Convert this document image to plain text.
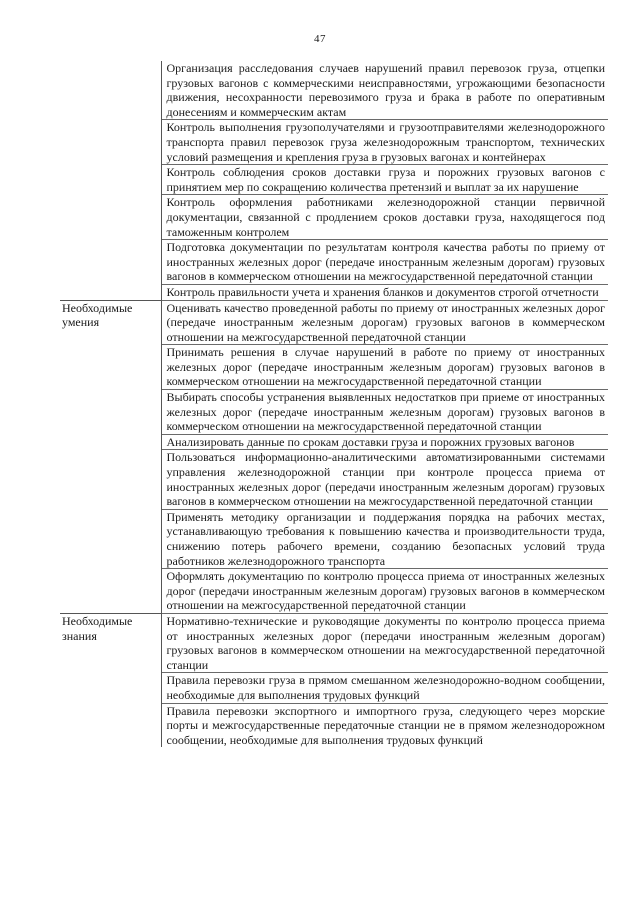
47
	Организация расследования случаев нарушений правил перевозок груза, отцепки грузовых вагонов с коммерческими неисправностями, угрожающими безопасности движения, несохранности перевозимого груза и брака в работе по оперативным донесениям и коммерческим актам
	Контроль выполнения грузополучателями и грузоотправителями железнодорожного транспорта правил перевозок груза железнодорожным транспортом, технических условий размещения и крепления груза в грузовых вагонах и контейнерах
	Контроль соблюдения сроков доставки груза и порожних грузовых вагонов с принятием мер по сокращению количества претензий и выплат за их нарушение
	Контроль оформления работниками железнодорожной станции первичной документации, связанной с продлением сроков доставки груза, находящегося под таможенным контролем
	Подготовка документации по результатам контроля качества работы по приему от иностранных железных дорог (передаче иностранным железным дорогам) грузовых вагонов в коммерческом отношении на межгосударственной передаточной станции
	Контроль правильности учета и хранения бланков и документов строгой отчетности
Необходимые умения	Оценивать качество проведенной работы по приему от иностранных железных дорог (передаче иностранным железным дорогам) грузовых вагонов в коммерческом отношении на межгосударственной передаточной станции
	Принимать решения в случае нарушений в работе по приему от иностранных железных дорог (передаче иностранным железным дорогам) грузовых вагонов в коммерческом отношении на межгосударственной передаточной станции
	Выбирать способы устранения выявленных недостатков при приеме от иностранных железных дорог (передаче иностранным железным дорогам) грузовых вагонов в коммерческом отношении на межгосударственной передаточной станции
	Анализировать данные по срокам доставки груза и порожних грузовых вагонов
	Пользоваться информационно-аналитическими автоматизированными системами управления железнодорожной станции при контроле процесса приема от иностранных железных дорог (передачи иностранным железным дорогам) грузовых вагонов в коммерческом отношении на межгосударственной передаточной станции
	Применять методику организации и поддержания порядка на рабочих местах, устанавливающую требования к повышению качества и производительности труда, снижению потерь рабочего времени, созданию безопасных условий труда работников железнодорожного транспорта
	Оформлять документацию по контролю процесса приема от иностранных железных дорог (передачи иностранным железным дорогам) грузовых вагонов в коммерческом отношении на межгосударственной передаточной станции
Необходимые знания	Нормативно-технические и руководящие документы по контролю процесса приема от иностранных железных дорог (передачи иностранным железным дорогам) грузовых вагонов в коммерческом отношении на межгосударственной передаточной станции
	Правила перевозки груза в прямом смешанном железнодорожно-водном сообщении, необходимые для выполнения трудовых функций
	Правила перевозки экспортного и импортного груза, следующего через морские порты и межгосударственные передаточные станции не в прямом железнодорожном сообщении, необходимые для выполнения трудовых функций
